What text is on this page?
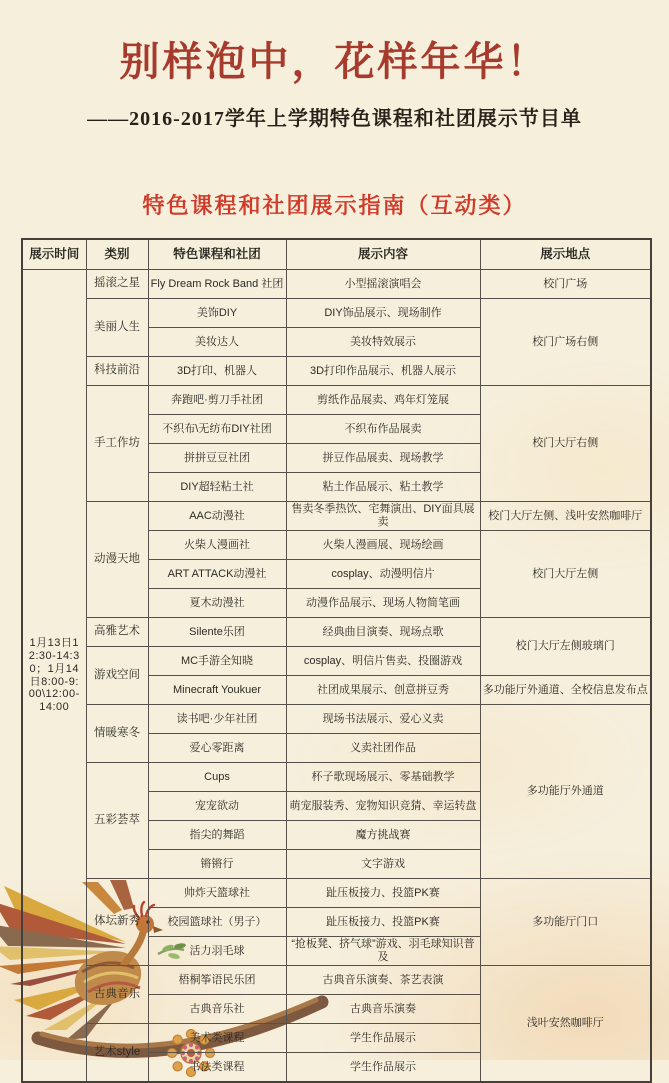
别样泡中，花样年华！
——2016-2017学年上学期特色课程和社团展示节目单
特色课程和社团展示指南（互动类）
展示时间	类别	特色课程和社团	展示内容	展示地点
1月13日12:30-14:30；1月14日8:00-9:00\12:00-14:00	摇滚之星	Fly Dream Rock Band 社团	小型摇滚演唱会	校门广场
	美丽人生	美饰DIY	DIY饰品展示、现场制作	校门广场右侧
		美妆达人	美妆特效展示	
	科技前沿	3D打印、机器人	3D打印作品展示、机器人展示	
	手工作坊	奔跑吧·剪刀手社团	剪纸作品展卖、鸡年灯笼展	校门大厅右侧
		不织布\无纺布DIY社团	不织布作品展卖	
		拼拼豆豆社团	拼豆作品展卖、现场教学	
		DIY超轻粘土社	粘土作品展示、粘土教学	
	动漫天地	AAC动漫社	售卖冬季热饮、宅舞演出、DIY面具展卖	校门大厅左侧、浅叶安然咖啡厅
		火柴人漫画社	火柴人漫画展、现场绘画	校门大厅左侧
		ART ATTACK动漫社	cosplay、动漫明信片	
		夏木动漫社	动漫作品展示、现场人物简笔画	
	高雅艺术	Silente乐团	经典曲目演奏、现场点歌	校门大厅左侧玻璃门
	游戏空间	MC手游全知晓	cosplay、明信片售卖、投圈游戏	
		Minecraft Youkuer	社团成果展示、创意拼豆秀	多功能厅外通道、全校信息发布点
	情暖寒冬	读书吧·少年社团	现场书法展示、爱心义卖	多功能厅外通道
		爱心零距离	义卖社团作品	
	五彩荟萃	Cups	杯子歌现场展示、零基础教学	
		宠宠欲动	萌宠服装秀、宠物知识竞猜、幸运转盘	
		指尖的舞蹈	魔方挑战赛	
		锵锵行	文字游戏	
	体坛新秀	帅炸天篮球社	趾压板接力、投篮PK赛	多功能厅门口
		校园篮球社（男子）	趾压板接力、投篮PK赛	
		活力羽毛球	“抢板凳、挤气球”游戏、羽毛球知识普及	
	古典音乐	梧桐筝语民乐团	古典音乐演奏、茶艺表演	浅叶安然咖啡厅
		古典音乐社	古典音乐演奏	
	艺术style	美术类课程	学生作品展示	
		书法类课程	学生作品展示	
